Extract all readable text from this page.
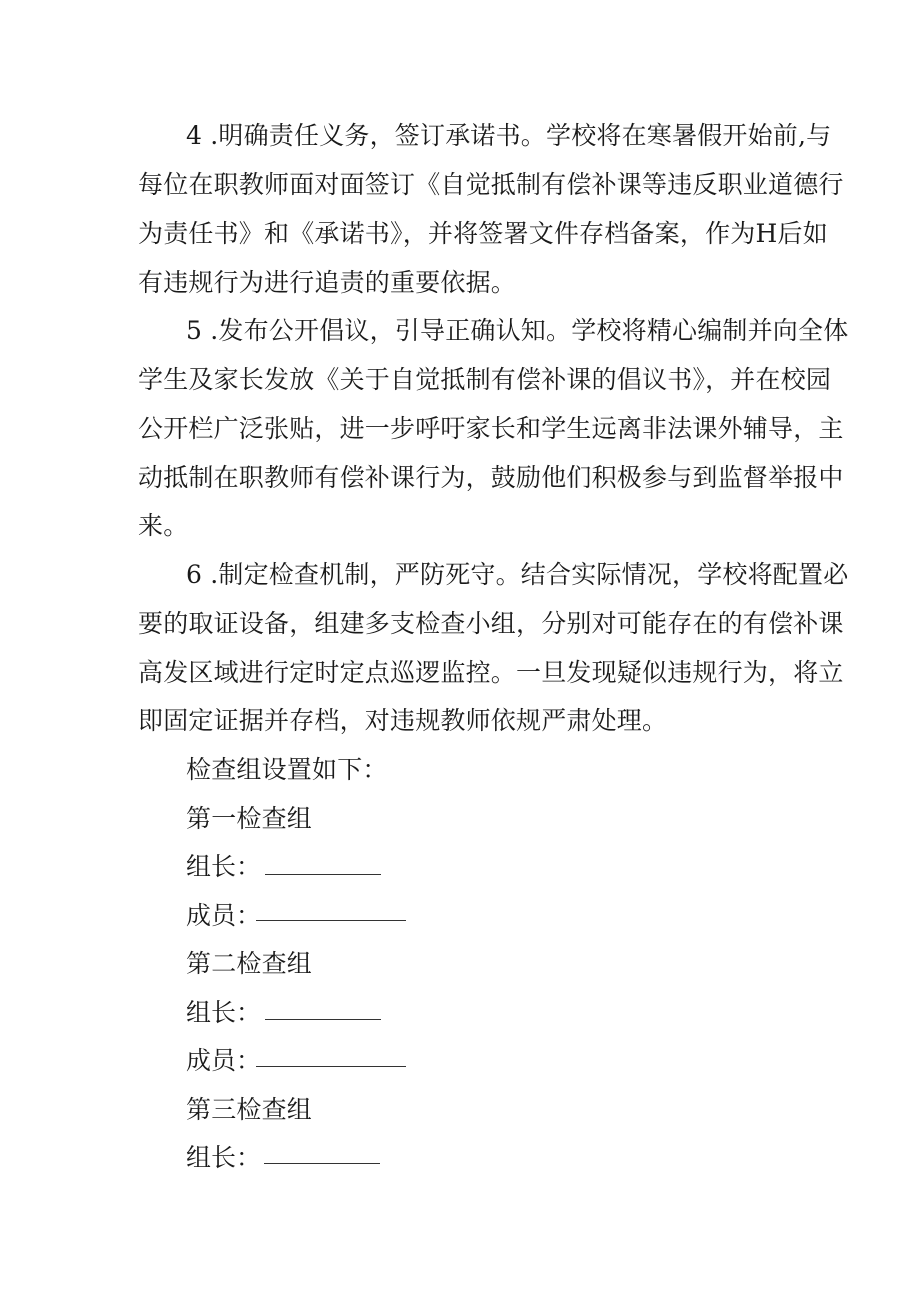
4 .明确责任义务，签订承诺书。学校将在寒暑假开始前,与
每位在职教师面对面签订《自觉抵制有偿补课等违反职业道德行
为责任书》和《承诺书》，并将签署文件存档备案，作为H后如
有违规行为进行追责的重要依据。
5 .发布公开倡议，引导正确认知。学校将精心编制并向全体
学生及家长发放《关于自觉抵制有偿补课的倡议书》，并在校园
公开栏广泛张贴，进一步呼吁家长和学生远离非法课外辅导，主
动抵制在职教师有偿补课行为，鼓励他们积极参与到监督举报中
来。
6 .制定检查机制，严防死守。结合实际情况，学校将配置必
要的取证设备，组建多支检查小组，分别对可能存在的有偿补课
高发区域进行定时定点巡逻监控。一旦发现疑似违规行为，将立
即固定证据并存档，对违规教师依规严肃处理。
检查组设置如下：
第一检查组
组长：
成员：
第二检查组
组长：
成员：
第三检查组
组长：
